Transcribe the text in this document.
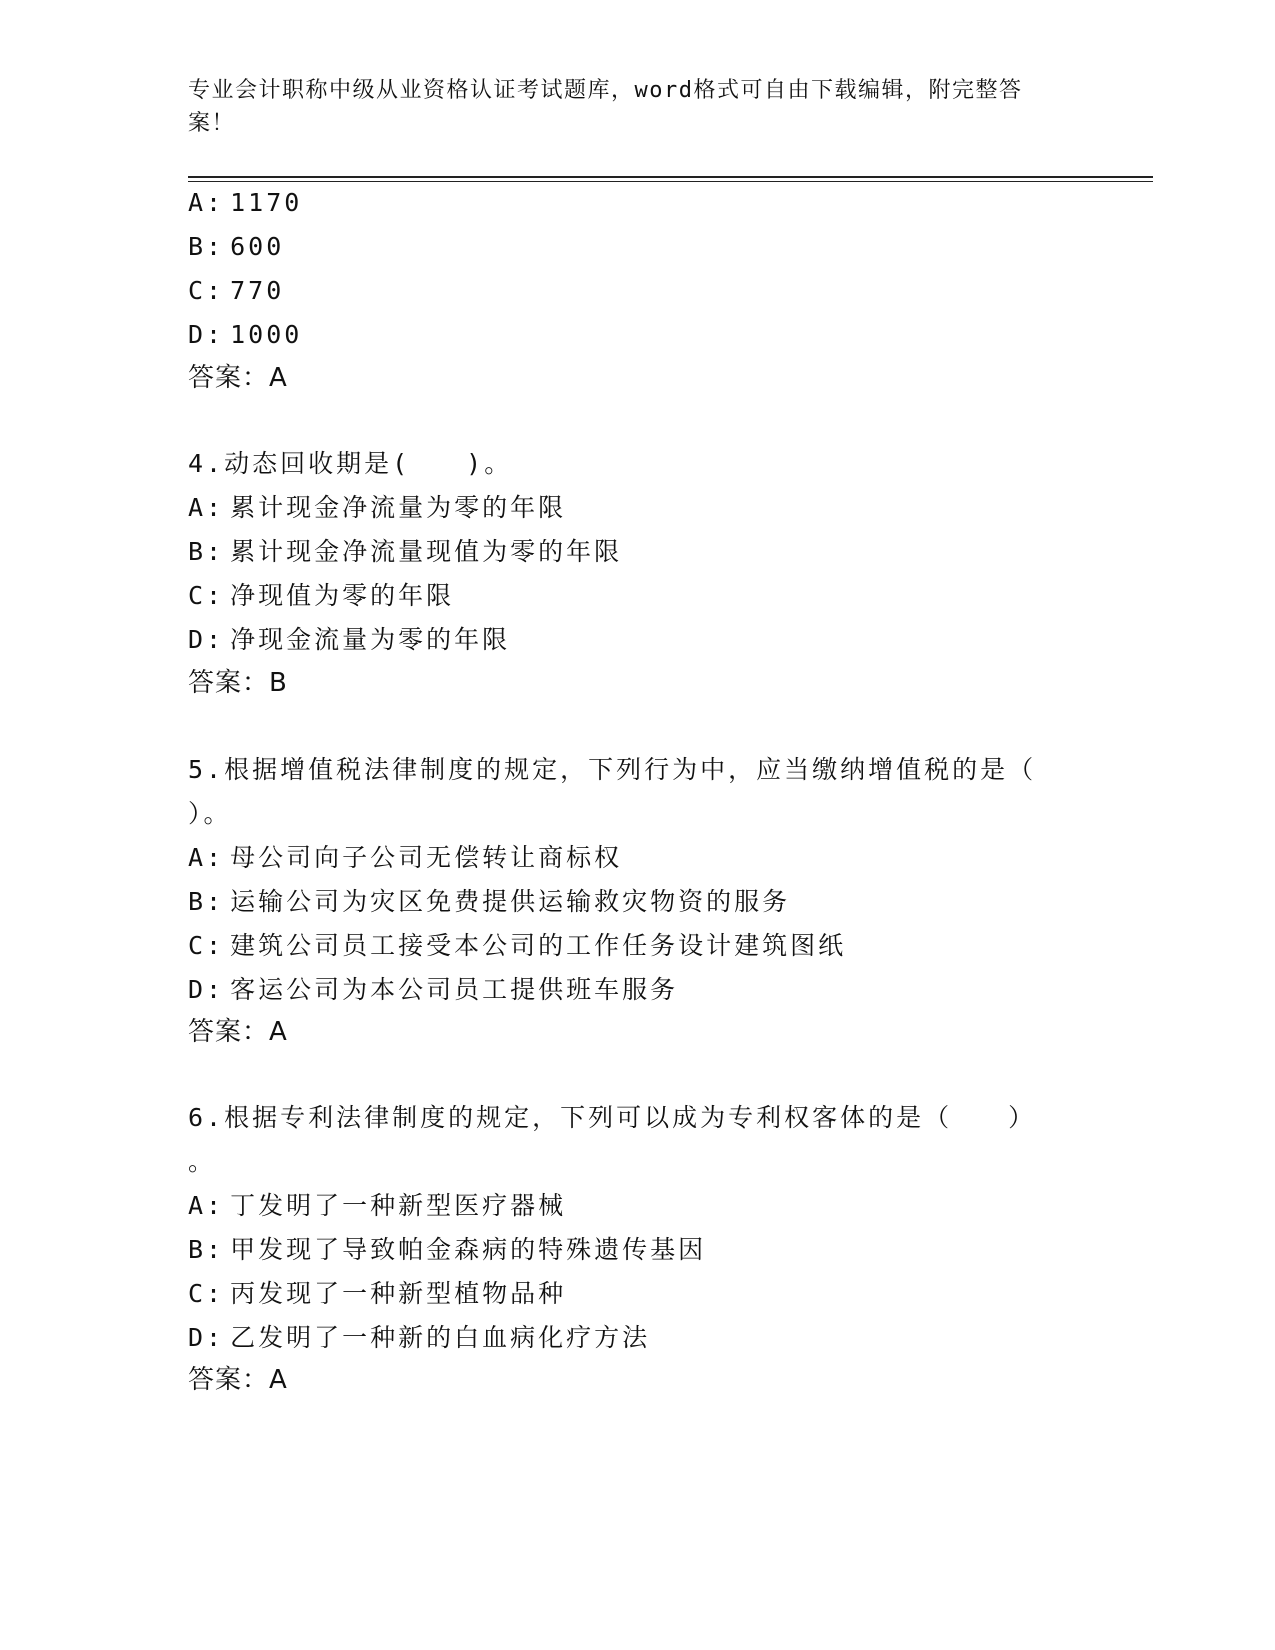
专业会计职称中级从业资格认证考试题库，word格式可自由下载编辑，附完整答案！
A: 1170
B: 600
C: 770
D: 1000
答案：A
4.动态回收期是(　　)。
A: 累计现金净流量为零的年限
B: 累计现金净流量现值为零的年限
C: 净现值为零的年限
D: 净现金流量为零的年限
答案：B
5.根据增值税法律制度的规定，下列行为中，应当缴纳增值税的是（
）。
A: 母公司向子公司无偿转让商标权
B: 运输公司为灾区免费提供运输救灾物资的服务
C: 建筑公司员工接受本公司的工作任务设计建筑图纸
D: 客运公司为本公司员工提供班车服务
答案：A
6.根据专利法律制度的规定，下列可以成为专利权客体的是（　　）
。
A: 丁发明了一种新型医疗器械
B: 甲发现了导致帕金森病的特殊遗传基因
C: 丙发现了一种新型植物品种
D: 乙发明了一种新的白血病化疗方法
答案：A
